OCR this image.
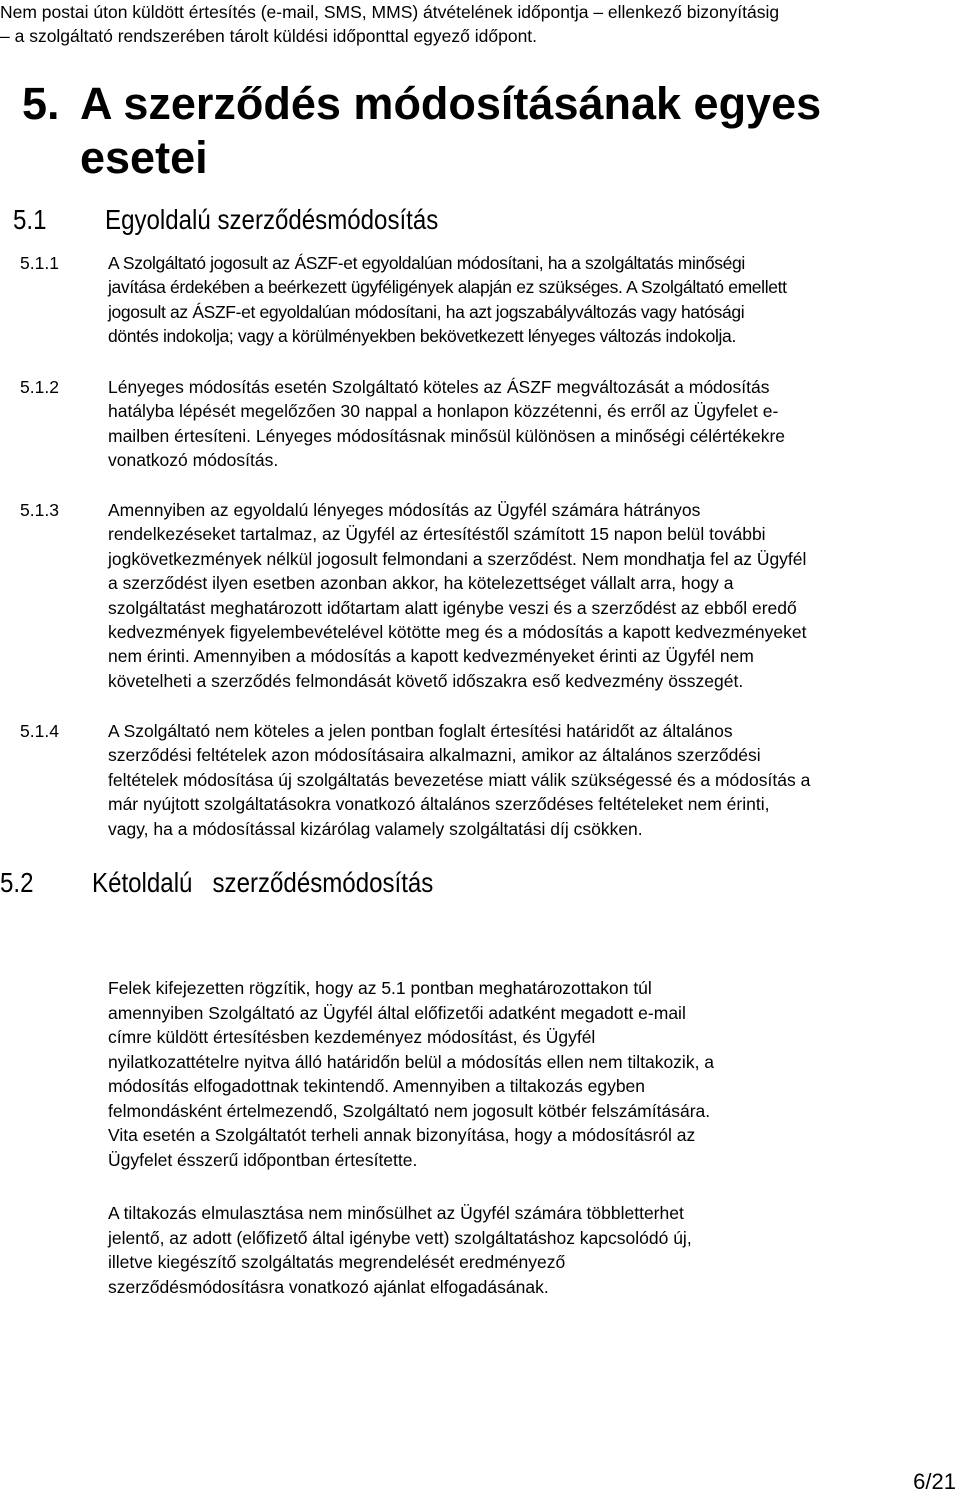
Nem postai úton küldött értesítés (e-mail, SMS, MMS) átvételének időpontja – ellenkező bizonyításig
– a szolgáltató rendszerében tárolt küldési időponttal egyező időpont.
5. A szerződés módosításának egyes
esetei
5.1 Egyoldalú szerződésmódosítás
5.1.1	A Szolgáltató jogosult az ÁSZF-et egyoldalúan módosítani, ha a szolgáltatás minőségi
javítása érdekében a beérkezett ügyféligények alapján ez szükséges. A Szolgáltató emellett
jogosult az ÁSZF-et egyoldalúan módosítani, ha azt jogszabályváltozás vagy hatósági
döntés indokolja; vagy a körülményekben bekövetkezett lényeges változás indokolja.
5.1.2	Lényeges módosítás esetén Szolgáltató köteles az ÁSZF megváltozását a módosítás
hatályba lépését megelőzően 30 nappal a honlapon közzétenni, és erről az Ügyfelet e-
mailben értesíteni. Lényeges módosításnak minősül különösen a minőségi célértékekre
vonatkozó módosítás.
5.1.3	Amennyiben az egyoldalú lényeges módosítás az Ügyfél számára hátrányos
rendelkezéseket tartalmaz, az Ügyfél az értesítéstől számított 15 napon belül további
jogkövetkezmények nélkül jogosult felmondani a szerződést. Nem mondhatja fel az Ügyfél
a szerződést ilyen esetben azonban akkor, ha kötelezettséget vállalt arra, hogy a
szolgáltatást meghatározott időtartam alatt igénybe veszi és a szerződést az ebből eredő
kedvezmények figyelembevételével kötötte meg és a módosítás a kapott kedvezményeket
nem érinti. Amennyiben a módosítás a kapott kedvezményeket érinti az Ügyfél nem
követelheti a szerződés felmondását követő időszakra eső kedvezmény összegét.
5.1.4	A Szolgáltató nem köteles a jelen pontban foglalt értesítési határidőt az általános
szerződési feltételek azon módosításaira alkalmazni, amikor az általános szerződési
feltételek módosítása új szolgáltatás bevezetése miatt válik szükségessé és a módosítás a
már nyújtott szolgáltatásokra vonatkozó általános szerződéses feltételeket nem érinti,
vagy, ha a módosítással kizárólag valamely szolgáltatási díj csökken.
5.2 Kétoldalú   szerződésmódosítás
Felek kifejezetten rögzítik, hogy az 5.1 pontban meghatározottakon túl
amennyiben Szolgáltató az Ügyfél által előfizetői adatként megadott e-mail
címre küldött értesítésben kezdeményez módosítást, és Ügyfél
nyilatkozattételre nyitva álló határidőn belül a módosítás ellen nem tiltakozik, a
módosítás elfogadottnak tekintendő. Amennyiben a tiltakozás egyben
felmondásként értelmezendő, Szolgáltató nem jogosult kötbér felszámítására.
Vita esetén a Szolgáltatót terheli annak bizonyítása, hogy a módosításról az
Ügyfelet ésszerű időpontban értesítette.
A tiltakozás elmulasztása nem minősülhet az Ügyfél számára többletterhet
jelentő, az adott (előfizető által igénybe vett) szolgáltatáshoz kapcsolódó új,
illetve kiegészítő szolgáltatás megrendelését eredményező
szerződésmódosításra vonatkozó ajánlat elfogadásának.
6/21
